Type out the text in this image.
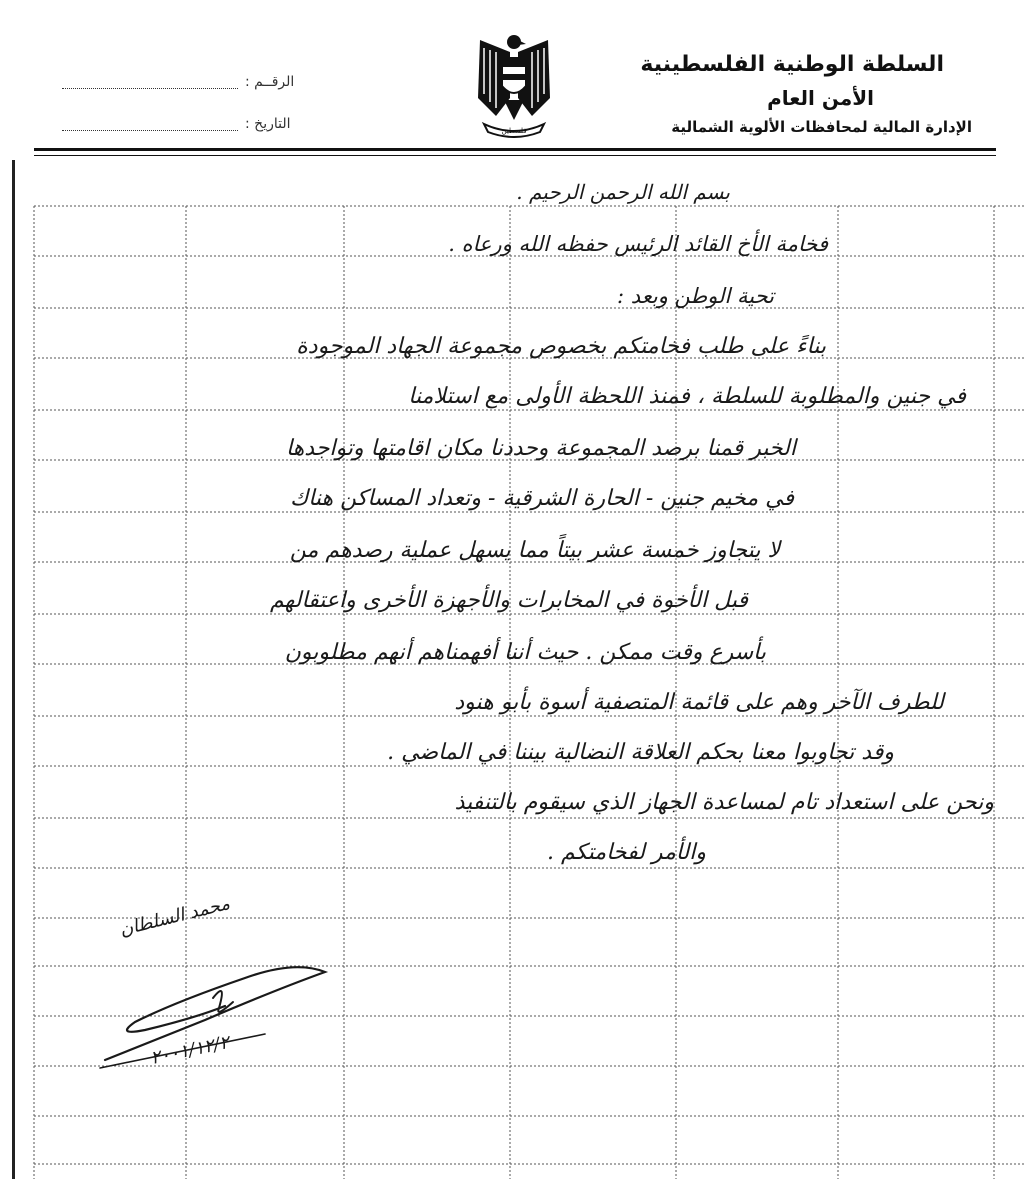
السلطة الوطنية الفلسطينية
الأمن العام
الإدارة المالية لمحافظات الألوية الشمالية
الرقــم :
التاريخ :	فلسطين
بسم الله الرحمن الرحيم .
فخامة الأخ القائد الرئيس حفظه الله ورعاه .
تحية الوطن وبعد :
بناءً على طلب فخامتكم بخصوص مجموعة الجهاد الموجودة
في جنين والمطلوبة للسلطة ، فمنذ اللحظة الأولى مع استلامنا
الخبر قمنا برصد المجموعة وحددنا مكان اقامتها وتواجدها
في مخيم جنين - الحارة الشرقية - وتعداد المساكن هناك
لا يتجاوز خمسة عشر بيتاً مما يسهل عملية رصدهم من
قبل الأخوة في المخابرات والأجهزة الأخرى واعتقالهم
بأسرع وقت ممكن . حيث أننا أفهمناهم أنهم مطلوبون
للطرف الآخر وهم على قائمة المتصفية أسوة بأبو هنود
وقد تجاوبوا معنا بحكم العلاقة النضالية بيننا في الماضي .
ونحن على استعداد تام لمساعدة الجهاز الذي سيقوم بالتنفيذ
والأمر لفخامتكم .
محمد السلطان
٢٠٠١/١٢/٢
